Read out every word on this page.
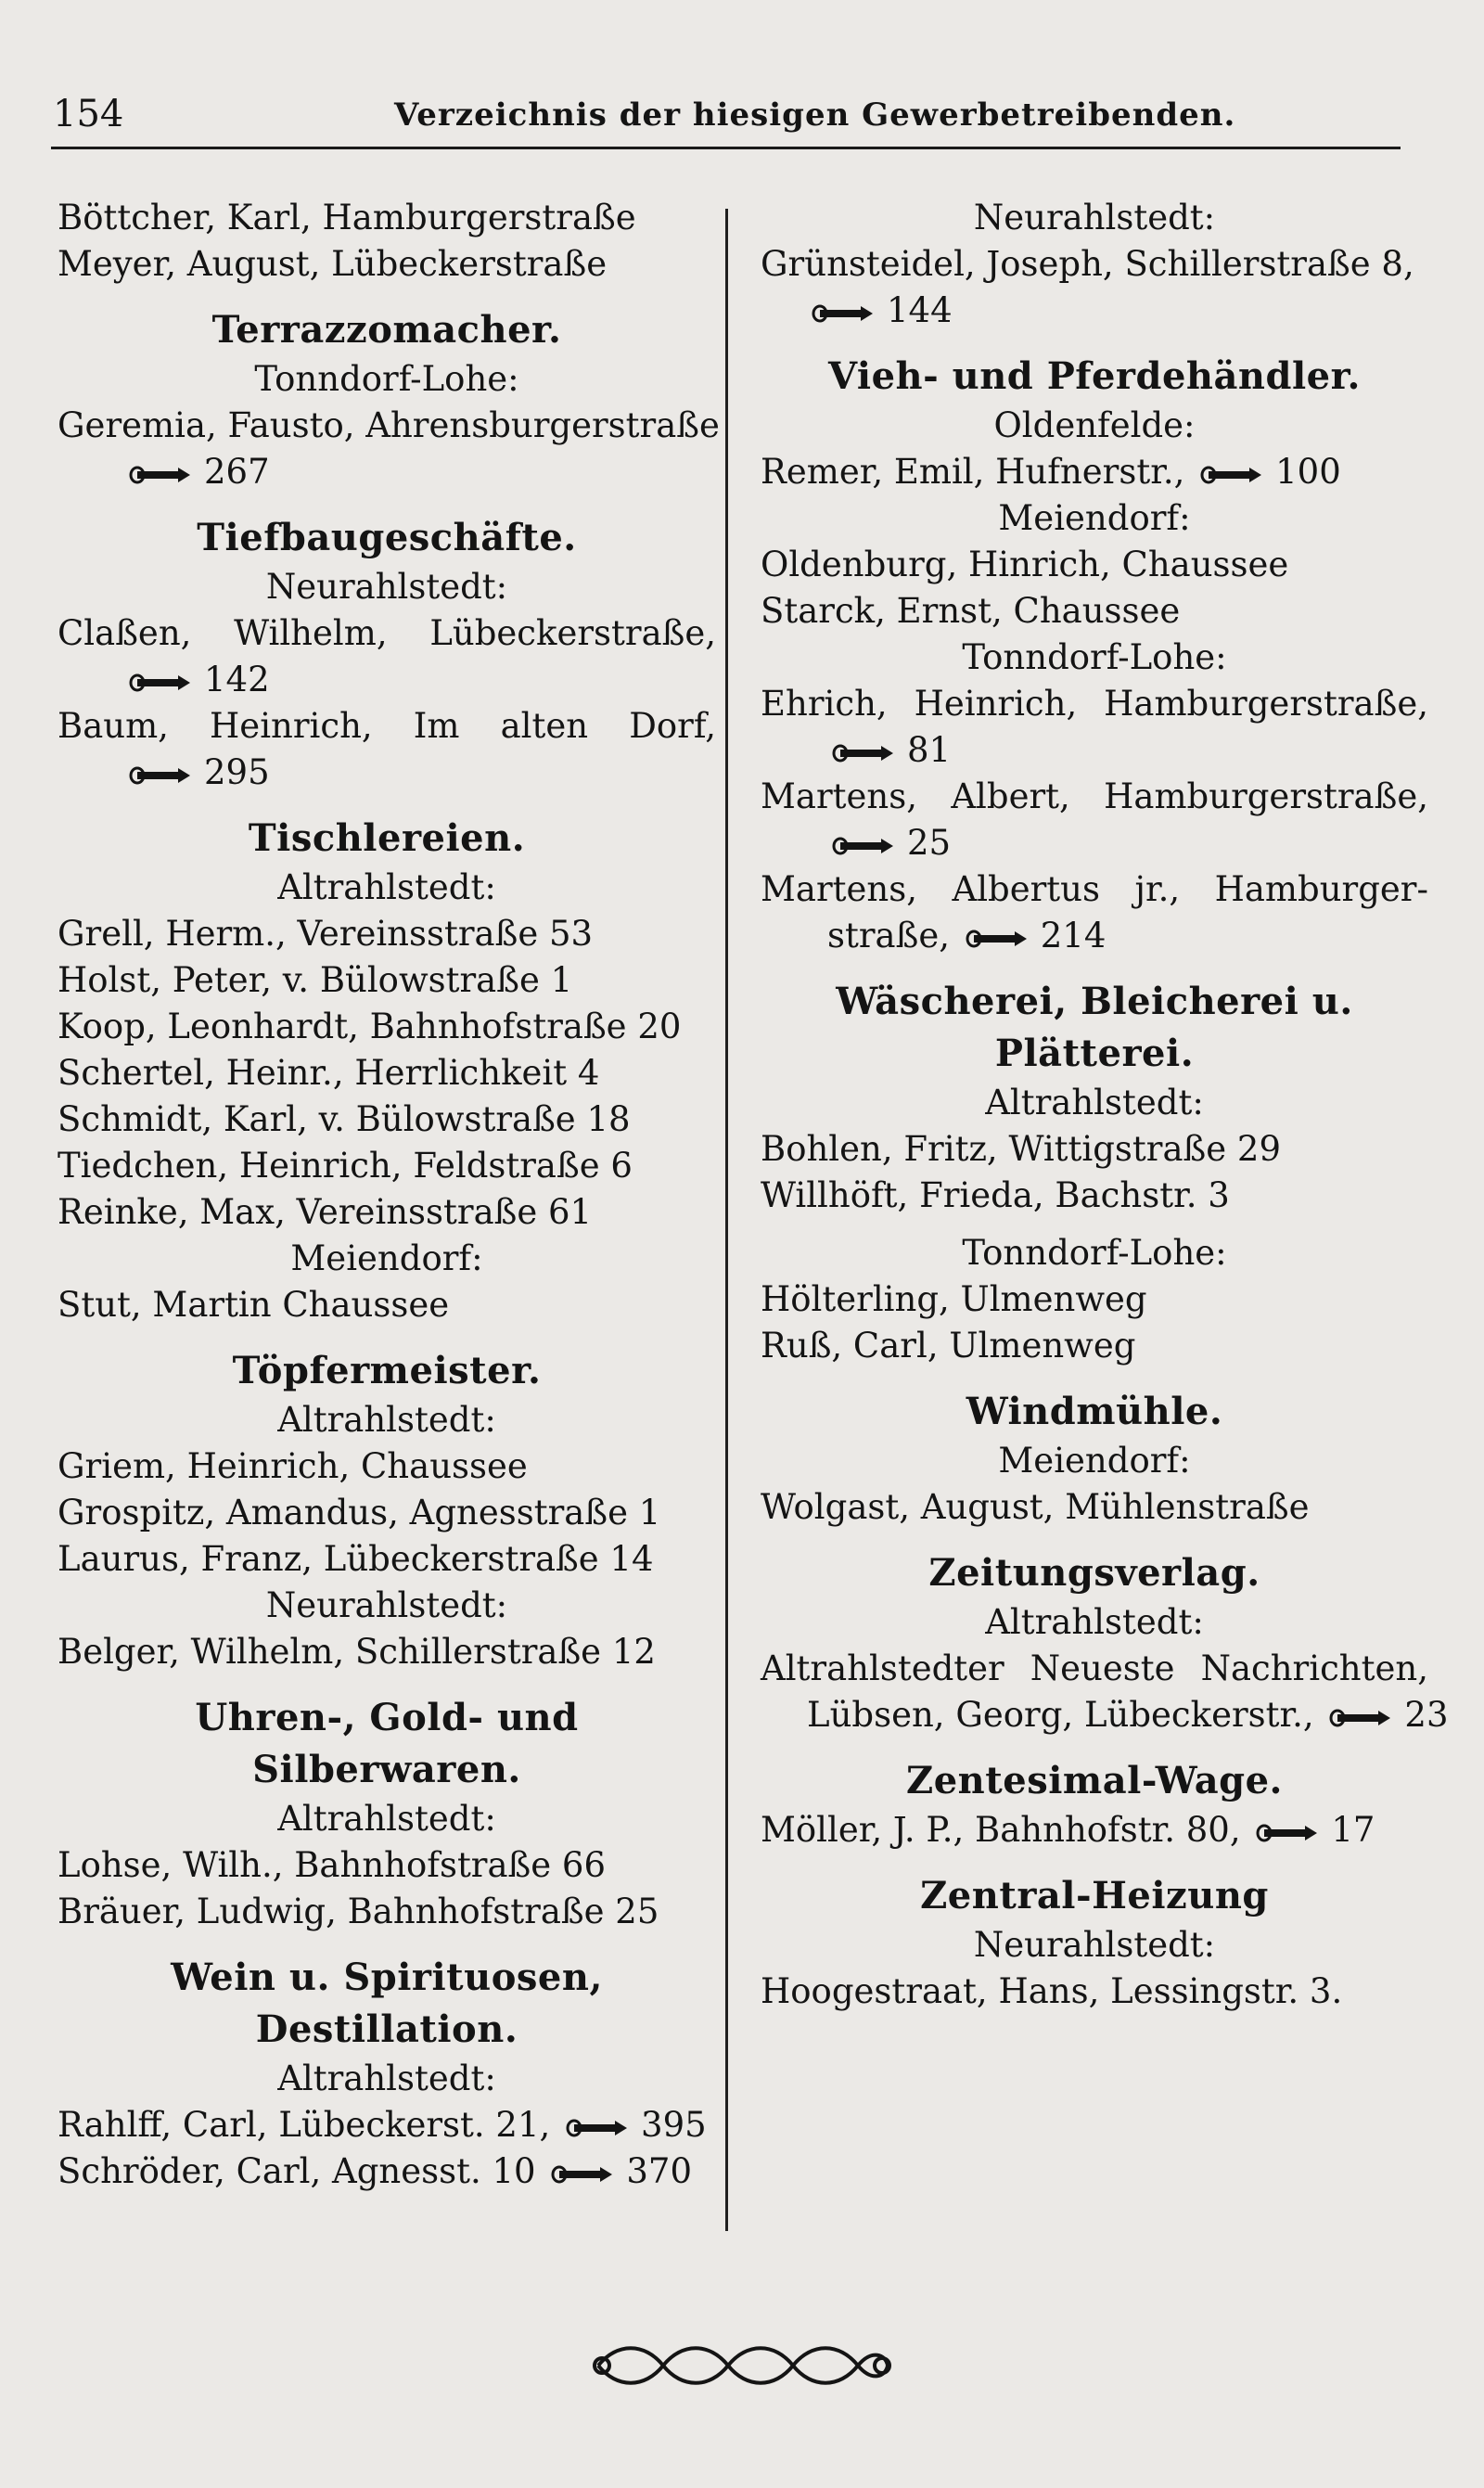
154	Verzeichnis der hiesigen Gewerbetreibenden.
Böttcher, Karl, Hamburgerstraße
Meyer, August, Lübeckerstraße
Terrazzomacher.
Tonndorf-Lohe:
Geremia, Fausto, Ahrensburgerstraße
267
Tiefbaugeschäfte.
Neurahlstedt:
Claßen, Wilhelm, Lübeckerstraße,
142
Baum, Heinrich, Im alten Dorf,
295
Tischlereien.
Altrahlstedt:
Grell, Herm., Vereinsstraße 53
Holst, Peter, v. Bülowstraße 1
Koop, Leonhardt, Bahnhofstraße 20
Schertel, Heinr., Herrlichkeit 4
Schmidt, Karl, v. Bülowstraße 18
Tiedchen, Heinrich, Feldstraße 6
Reinke, Max, Vereinsstraße 61
Meiendorf:
Stut, Martin Chaussee
Töpfermeister.
Altrahlstedt:
Griem, Heinrich, Chaussee
Grospitz, Amandus, Agnesstraße 1
Laurus, Franz, Lübeckerstraße 14
Neurahlstedt:
Belger, Wilhelm, Schillerstraße 12
Uhren-, Gold- und Silberwaren.
Altrahlstedt:
Lohse, Wilh., Bahnhofstraße 66
Bräuer, Ludwig, Bahnhofstraße 25
Wein u. Spirituosen, Destillation.
Altrahlstedt:
Rahlff, Carl, Lübeckerst. 21,	395
Schröder, Carl, Agnesst. 10	370
Neurahlstedt:
Grünsteidel, Joseph, Schillerstraße 8,
144
Vieh- und Pferdehändler.
Oldenfelde:
Remer, Emil, Hufnerstr.,	100
Meiendorf:
Oldenburg, Hinrich, Chaussee
Starck, Ernst, Chaussee
Tonndorf-Lohe:
Ehrich, Heinrich, Hamburgerstraße,
81
Martens, Albert, Hamburgerstraße,
25
Martens, Albertus jr., Hamburger-
straße,	214
Wäscherei, Bleicherei u. Plätterei.
Altrahlstedt:
Bohlen, Fritz, Wittigstraße 29
Willhöft, Frieda, Bachstr. 3
Tonndorf-Lohe:
Hölterling, Ulmenweg
Ruß, Carl, Ulmenweg
Windmühle.
Meiendorf:
Wolgast, August, Mühlenstraße
Zeitungsverlag.
Altrahlstedt:
Altrahlstedter Neueste Nachrichten,
Lübsen, Georg, Lübeckerstr.,	23
Zentesimal-Wage.
Möller, J. P., Bahnhofstr. 80,	17
Zentral-Heizung
Neurahlstedt:
Hoogestraat, Hans, Lessingstr. 3.
